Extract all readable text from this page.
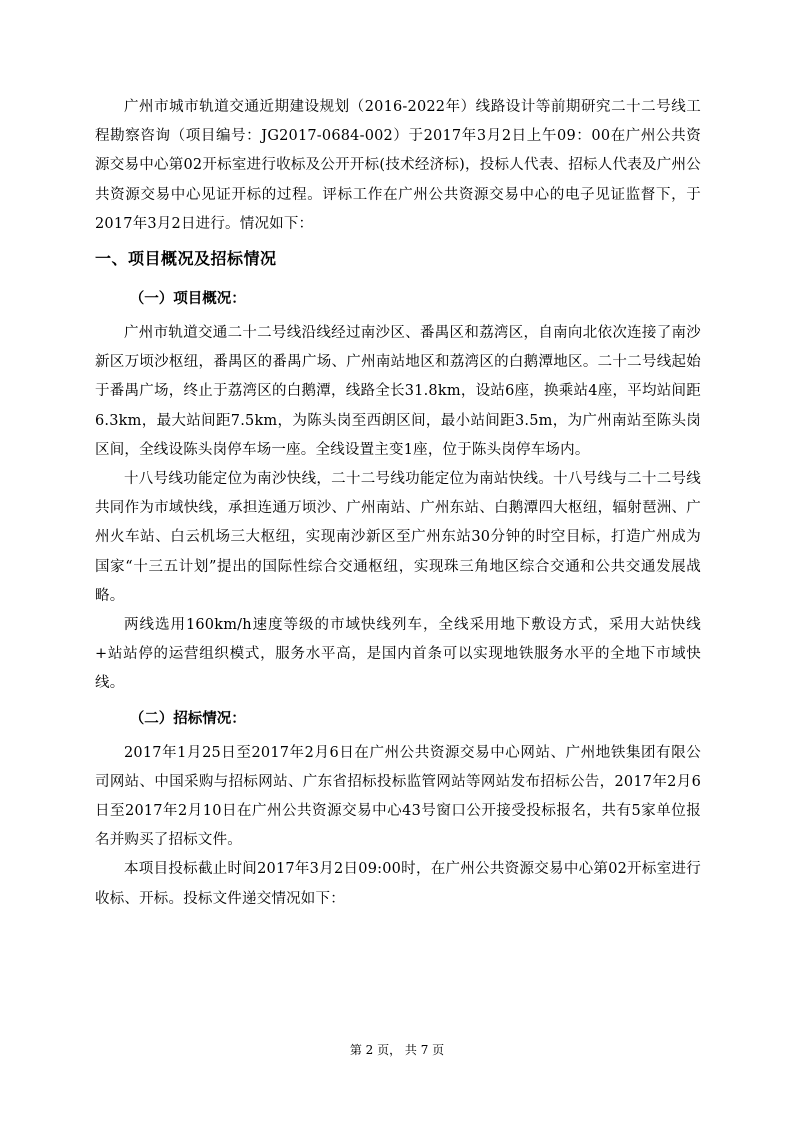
广州市城市轨道交通近期建设规划（2016-2022年）线路设计等前期研究二十二号线工程勘察咨询（项目编号：JG2017-0684-002）于2017年3月2日上午09：00在广州公共资源交易中心第02开标室进行收标及公开开标(技术经济标)，投标人代表、招标人代表及广州公共资源交易中心见证开标的过程。评标工作在广州公共资源交易中心的电子见证监督下，于2017年3月2日进行。情况如下：

一、项目概况及招标情况
（一）项目概况：

广州市轨道交通二十二号线沿线经过南沙区、番禺区和荔湾区，自南向北依次连接了南沙新区万顷沙枢纽，番禺区的番禺广场、广州南站地区和荔湾区的白鹅潭地区。二十二号线起始于番禺广场，终止于荔湾区的白鹅潭，线路全长31.8km，设站6座，换乘站4座，平均站间距6.3km，最大站间距7.5km，为陈头岗至西朗区间，最小站间距3.5m，为广州南站至陈头岗区间，全线设陈头岗停车场一座。全线设置主变1座，位于陈头岗停车场内。

十八号线功能定位为南沙快线，二十二号线功能定位为南站快线。十八号线与二十二号线共同作为市域快线，承担连通万顷沙、广州南站、广州东站、白鹅潭四大枢纽，辐射琶洲、广州火车站、白云机场三大枢纽，实现南沙新区至广州东站30分钟的时空目标，打造广州成为国家“十三五计划”提出的国际性综合交通枢纽，实现珠三角地区综合交通和公共交通发展战略。

两线选用160km/h速度等级的市域快线列车，全线采用地下敷设方式，采用大站快线+站站停的运营组织模式，服务水平高，是国内首条可以实现地铁服务水平的全地下市域快线。

（二）招标情况：

2017年1月25日至2017年2月6日在广州公共资源交易中心网站、广州地铁集团有限公司网站、中国采购与招标网站、广东省招标投标监管网站等网站发布招标公告，2017年2月6日至2017年2月10日在广州公共资源交易中心43号窗口公开接受投标报名，共有5家单位报名并购买了招标文件。

本项目投标截止时间2017年3月2日09:00时，在广州公共资源交易中心第02开标室进行收标、开标。投标文件递交情况如下：

第 2 页， 共 7 页
